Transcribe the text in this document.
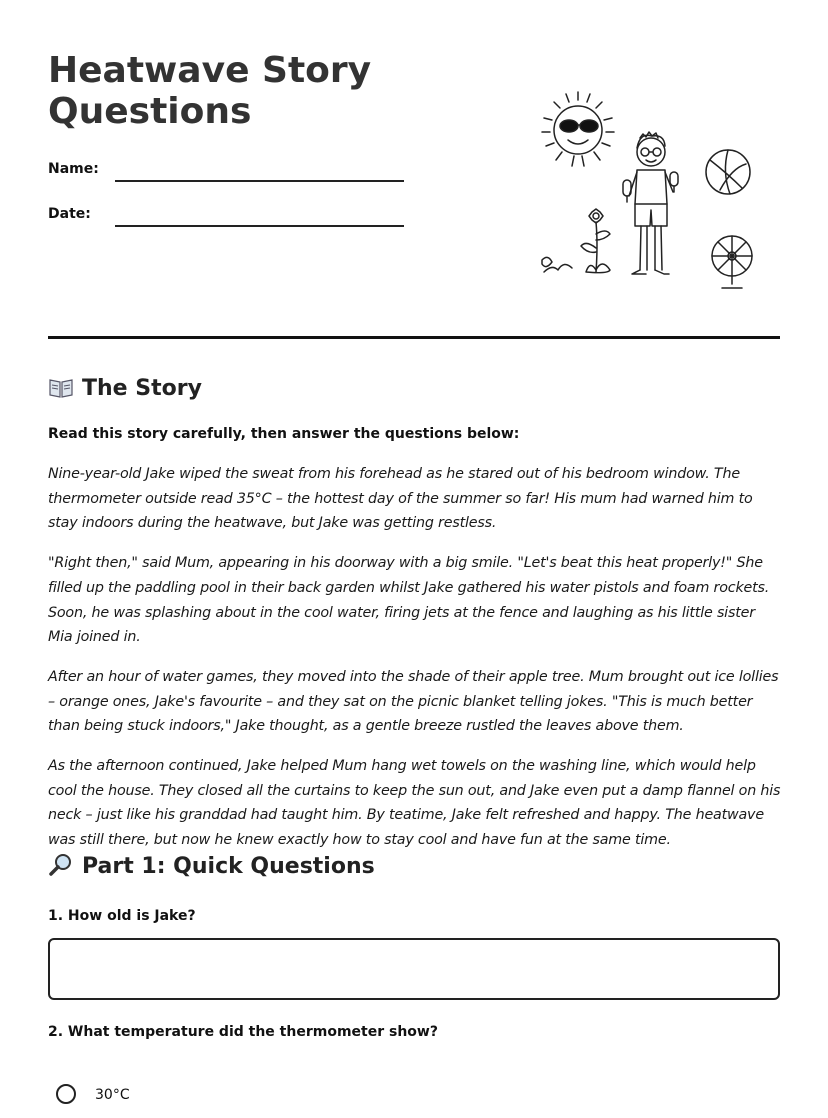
Heatwave Story Questions
Name:
Date:
The Story

Read this story carefully, then answer the questions below:

Nine-year-old Jake wiped the sweat from his forehead as he stared out of his bedroom window. The thermometer outside read 35°C – the hottest day of the summer so far! His mum had warned him to stay indoors during the heatwave, but Jake was getting restless.

"Right then," said Mum, appearing in his doorway with a big smile. "Let's beat this heat properly!" She filled up the paddling pool in their back garden whilst Jake gathered his water pistols and foam rockets. Soon, he was splashing about in the cool water, firing jets at the fence and laughing as his little sister Mia joined in.

After an hour of water games, they moved into the shade of their apple tree. Mum brought out ice lollies – orange ones, Jake's favourite – and they sat on the picnic blanket telling jokes. "This is much better than being stuck indoors," Jake thought, as a gentle breeze rustled the leaves above them.

As the afternoon continued, Jake helped Mum hang wet towels on the washing line, which would help cool the house. They closed all the curtains to keep the sun out, and Jake even put a damp flannel on his neck – just like his granddad had taught him. By teatime, Jake felt refreshed and happy. The heatwave was still there, but now he knew exactly how to stay cool and have fun at the same time.

Part 1: Quick Questions

1. How old is Jake?

2. What temperature did the thermometer show?

30°C
